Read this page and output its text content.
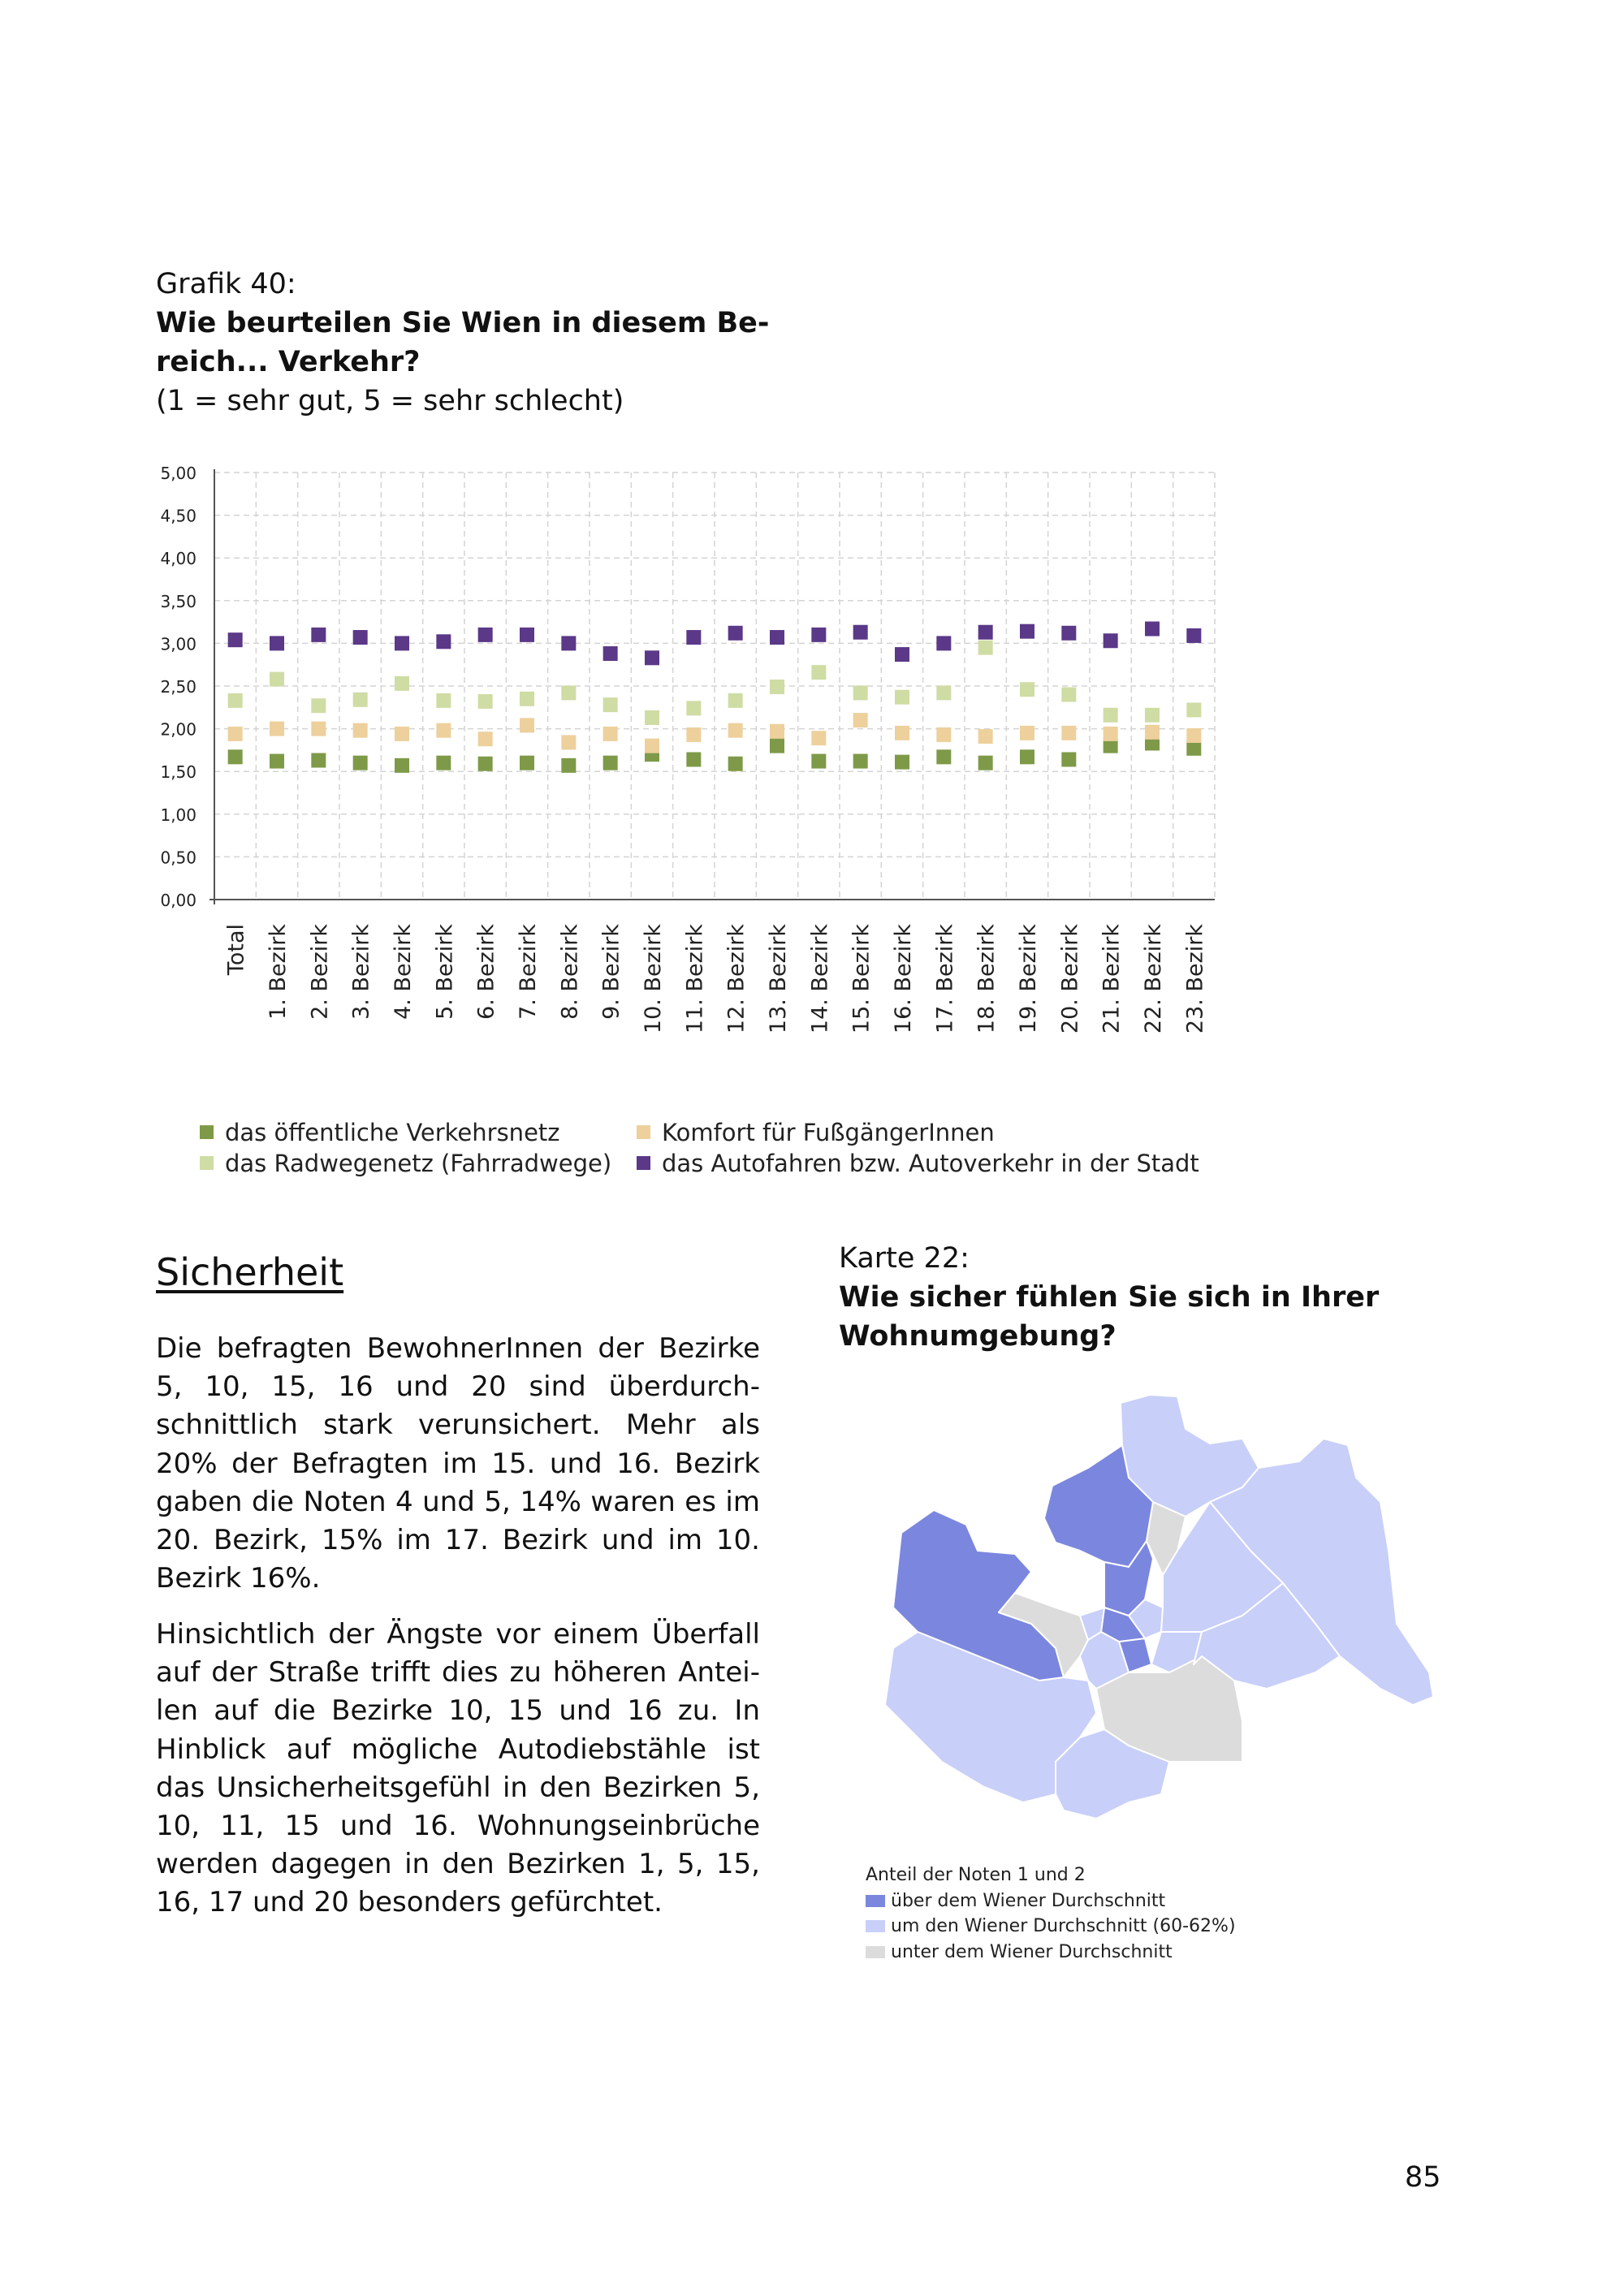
Grafik 40:
Wie beurteilen Sie Wien in diesem Be-
reich... Verkehr?
(1 = sehr gut, 5 = sehr schlecht)
0,00
0,50
1,00
1,50
2,00
2,50
3,00
3,50
4,00
4,50
5,00
Total 1. Bezirk 2. Bezirk 3. Bezirk 4. Bezirk 5. Bezirk 6. Bezirk 7. Bezirk 8. Bezirk 9. Bezirk 10. Bezirk 11. Bezirk 12. Bezirk 13. Bezirk 14. Bezirk 15. Bezirk 16. Bezirk 17. Bezirk 18. Bezirk 19. Bezirk 20. Bezirk 21. Bezirk 22. Bezirk 23. Bezirk
das öffentliche Verkehrsnetz	Komfort für FußgängerInnen
das Radwegenetz (Fahrradwege)	das Autofahren bzw. Autoverkehr in der Stadt
Sicherheit
Die befragten BewohnerInnen der Bezirke 5, 10, 15, 16 und 20 sind überdurch-schnittlich stark verunsichert. Mehr als 20% der Befragten im 15. und 16. Bezirk gaben die Noten 4 und 5, 14% waren es im 20. Bezirk, 15% im 17. Bezirk und im 10. Bezirk 16%.
Hinsichtlich der Ängste vor einem Überfall auf der Straße trifft dies zu höheren Antei-len auf die Bezirke 10, 15 und 16 zu. In Hinblick auf mögliche Autodiebstähle ist das Unsicherheitsgefühl in den Bezirken 5, 10, 11, 15 und 16. Wohnungseinbrüche werden dagegen in den Bezirken 1, 5, 15, 16, 17 und 20 besonders gefürchtet.
Karte 22:
Wie sicher fühlen Sie sich in Ihrer
Wohnumgebung?
Anteil der Noten 1 und 2
über dem Wiener Durchschnitt
um den Wiener Durchschnitt (60-62%)
unter dem Wiener Durchschnitt
85
